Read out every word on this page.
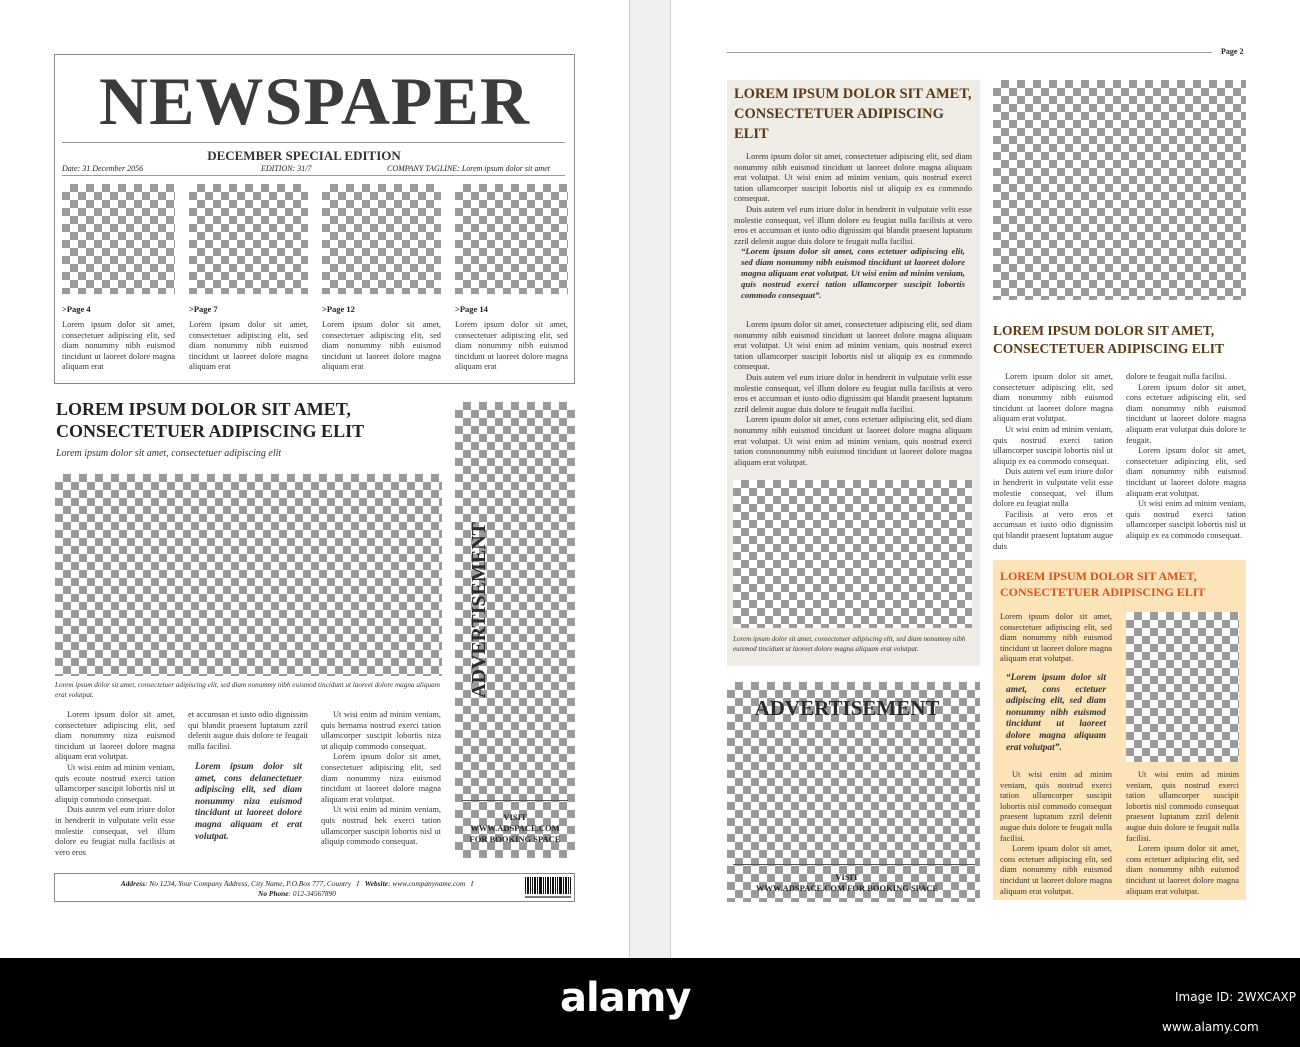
NEWSPAPER
DECEMBER SPECIAL EDITION
Date: 31 December 2056	EDITION: 31/7	COMPANY TAGLINE: Lorem ipsum dolor sit amet
>Page 4	>Page 7	>Page 12	>Page 14
Lorem ipsum dolor sit amet, consectetuer adipiscing elit, sed diam nonummy nibh euismod tincidunt ut laoreet dolore magna aliquam erat
Lorem ipsum dolor sit amet, consectetuer adipiscing elit, sed diam nonummy nibh euismod tincidunt ut laoreet dolore magna aliquam erat
Lorem ipsum dolor sit amet, consectetuer adipiscing elit, sed diam nonummy nibh euismod tincidunt ut laoreet dolore magna aliquam erat
Lorem ipsum dolor sit amet, consectetuer adipiscing elit, sed diam nonummy nibh euismod tincidunt ut laoreet dolore magna aliquam erat
LOREM IPSUM DOLOR SIT AMET, CONSECTETUER ADIPISCING ELIT
Lorem ipsum dolor sit amet, consectetuer adipiscing elit
Lorem ipsum dolor sit amet, consectetuer adipiscing elit, sed diam nonummy nibh euismod tincidunt ut laoreet dolore magna aliquam erat volutpat.

Lorem ipsum dolor sit amet, consectetuer adipiscing elit, sed diam nonummy niza euismod tincidunt ut laoreet dolore magna aliquam erat volutpat.

Ut wisi enim ad minim veniam, quis ecoute nostrud exerci tation ullamcorper suscipit lobortis nisl ut aliquip commodo consequat.

Duis autem vel eum iriure dolor in hendrerit in vulputate velit esse molestie consequat, vel illum dolore eu feugiat nulla facilisis at vero eros

et accumsan et iusto odio dignissim qui blandit praesent luptatum zzril delenit augue duis dolore te feugait nulla facilisi.
Lorem ipsum dolor sit amet, cons delanectetuer adipiscing elit, sed diam nonummy niza euismod tincidunt ut laoreet dolore magna aliquam et erat volutpat.

Ut wisi enim ad minim veniam, quis bernama nostrud exerci tation ullamcorper suscipit lobortis niza ut aliquip commodo consequat.

Lorem ipsum dolor sit amet, consectetuer adipiscing elit, sed diam nonummy niza euismod tincidunt ut laoreet dolore magna aliquam erat volutpat.

Ut wisi enim ad minim veniam, quis nostrud hek exerci tation ullamcorper suscipit lobortis nisl ut aliquip commodo consequat.

ADVERTISEMENT
VISIT
WWW.ADSPACE.COM
FOR BOOKING SPACE
Address: No 1234, Your Company Address, City Name, P.O.Box 777, Country I Website: www.companyname.com I
No Phone: 012-34567890
Page 2
LOREM IPSUM DOLOR SIT AMET, CONSECTETUER ADIPISCING ELIT

Lorem ipsum dolor sit amet, consectetuer adipiscing elit, sed diam nonummy nibh euismod tincidunt ut laoreet dolore magna aliquam erat volutpat. Ut wisi enim ad minim veniam, quis nostrud exerci tation ullamcorper suscipit lobortis nisl ut aliquip ex ea commodo consequat.

Duis autem vel eum iriure dolor in hendrerit in vulputate velit esse molestie consequat, vel illum dolore eu feugiat nulla facilisis at vero eros et accumsan et iusto odio dignissim qui blandit praesent luptatum zzril delenit augue duis dolore te feugait nulla facilisi.

“Lorem ipsum dolor sit amet, cons ectetuer adipiscing elit, sed diam nonummy nibh euismod tincidunt ut laoreet dolore magna aliquam erat volutpat. Ut wisi enim ad minim veniam, quis nostrud exerci tation ullamcorper suscipit lobortis commodo consequat”.

Lorem ipsum dolor sit amet, consectetuer adipiscing elit, sed diam nonummy nibh euismod tincidunt ut laoreet dolore magna aliquam erat volutpat. Ut wisi enim ad minim veniam, quis nostrud exerci tation ullamcorper suscipit lobortis nisl ut aliquip ex ea commodo consequat.

Duis autem vel eum iriure dolor in hendrerit in vulputate velit esse molestie consequat, vel illum dolore eu feugiat nulla facilisis at vero eros et accumsan et iusto odio dignissim qui blandit praesent luptatum zzril delenit augue duis dolore te feugait nulla facilisi.

Lorem ipsum dolor sit amet, cons ectetuer adipiscing elit, sed diam nonummy nibh euismod tincidunt ut laoreet dolore magna aliquam erat volutpat. Ut wisi enim ad minim veniam, quis nostrud exerci tation consnonummy nibh euismod tincidunt ut laoreet dolore magna aliquam erat volutpat.

Lorem ipsum dolor sit amet, consectetuer adipiscing elit, sed diam nonummy nibh euismod tincidunt ut laoreet dolore magna aliquam erat volutpat.
ADVERTISEMENT
VISIT
WWW.ADSPACE.COM FOR BOOKING SPACE
LOREM IPSUM DOLOR SIT AMET, CONSECTETUER ADIPISCING ELIT

Lorem ipsum dolor sit amet, consectetuer adipiscing elit, sed diam nonummy nibh euismod tincidunt ut laoreet dolore magna aliquam erat volutpat.

Ut wisi enim ad minim veniam, quis nostrud exerci tation ullamcorper suscipit lobortis nisl ut aliquip ex ea commodo consequat.

Duis autem vel eum iriure dolor in hendrerit in vulputate velit esse molestie consequat, vel illum dolore eu feugiat nulla

Facilisis at vero eros et accumsan et iusto odio dignissim qui blandit praesent luptatum augue duis

dolore te feugait nulla facilisi.

Lorem ipsum dolor sit amet, cons ectetuer adipiscing elit, sed diam nonummy nibh euismod tincidunt ut laoreet dolore magna aliquam erat volutpat duis dolore te feugait.

Lorem ipsum dolor sit amet, consectetuer adipiscing elit, sed diam nonummy nibh euismod tincidunt ut laoreet dolore magna aliquam erat volutpat.

Ut wisi enim ad minim veniam, quis nostrud exerci tation ullamcorper suscipit lobortis nisl ut aliquip ex ea commodo consequat.

LOREM IPSUM DOLOR SIT AMET, CONSECTETUER ADIPISCING ELIT
Lorem ipsum dolor sit amet, consectetuer adipiscing elit, sed diam nonummy nibh euismod tincidunt ut laoreet dolore magna aliquam erat volutpat.
“Lorem ipsum dolor sit amet, cons ectetuer adipiscing elit, sed diam nonummy nibh euismod tincidunt ut laoreet dolore magna aliquam erat volutpat”.

Ut wisi enim ad minim veniam, quis nostrud exerci tation ullamcorper suscipit lobortis nisl commodo consequat praesent luptatum zzril delenit augue duis dolore te feugait nulla facilisi.

Lorem ipsum dolor sit amet, cons ectetuer adipiscing elit, sed diam nonummy nibh euismod tincidunt ut laoreet dolore magna aliquam erat volutpat.

Ut wisi enim ad minim veniam, quis nostrud exerci tation ullamcorper suscipit lobortis nisl commodo consequat praesent luptatum zzril delenit augue duis dolore te feugait nulla facilisi.

Lorem ipsum dolor sit amet, cons ectetuer adipiscing elit, sed diam nonummy nibh euismod tincidunt ut laoreet dolore magna aliquam erat volutpat.

alamy	Image ID: 2WXCAXP
www.alamy.com
